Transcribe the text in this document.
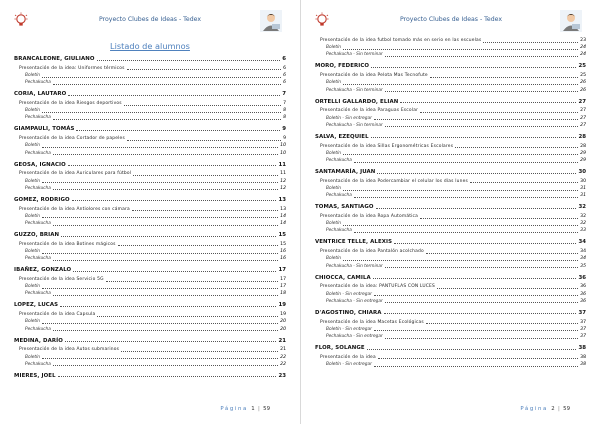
Proyecto Clubes de Ideas - Tedex
Listado de alumnos
BRANCALEONE, GIULIANO	6
Presentación de la idea: Uniformes térmicos	6
Boletín	6
Pechakucha	6
CORIA, LAUTARO	7
Presentación de la idea Riesgos deportivos	7
Boletín	8
Pechakucha	8
GIAMPAULI, TOMÁS	9
Presentación de la idea Cortador de papeles	9
Boletín	10
Pechakucha	10
GEOSA, IGNACIO	11
Presentación de la idea Auriculares para fútbol	11
Boletín	12
Pechakucha	12
GOMEZ, RODRIGO	13
Presentación de la idea Antiolores con cámara	13
Boletín	14
Pechakucha	14
GUZZO, BRIAN	15
Presentación de la idea Botines mágicos	15
Boletín	16
Pechakucha	16
IBAÑEZ, GONZALO	17
Presentación de la idea Servicio 5G	17
Boletín	17
Pechakucha	18
LOPEZ, LUCAS	19
Presentación de la idea Capsula	19
Boletín	20
Pechakucha	20
MEDINA, DARÍO	21
Presentación de la idea Autos submarinos	21
Boletín	22
Pechakucha	22
MIERES, JOEL	23
Página 1 | 59
Proyecto Clubes de Ideas - Tedex
Presentación de la idea futbol tomado más en serio en las escuelas	23
Boletín	24
Pechakucha - Sin terminar	24
MORO, FEDERICO	25
Presentación de la idea Pelota Mas Tecnofute	25
Boletín	26
Pechakucha - Sin terminar	26
ORTELLI GALLARDO, ELIAN	27
Presentación de la idea Paraguas Escolar	27
Boletín - Sin entregar	27
Pechakucha - Sin terminar	27
SALVA, EZEQUIEL	28
Presentación de la idea Sillas Ergonométricas Escolares	28
Boletín	29
Pechakucha	29
SANTAMARÍA, JUAN	30
Presentación de la idea Podercambiar el celular los días lunes	30
Boletín	31
Pechakucha	31
TOMAS, SANTIAGO	32
Presentación de la idea Ropa Automática	32
Boletín	32
Pechakucha	33
VENTRICE TELLE, ALEXIS	34
Presentación de la idea Pantalón acolchado	34
Boletín	34
Pechakucha - Sin terminar	35
CHIOCCA, CAMILA	36
Presentación de la idea: PANTUFLAS CON LUCES	36
Boletín - Sin entregar	36
Pechakucha - Sin entregar	36
D'AGOSTINO, CHIARA	37
Presentación de la idea Macetas Ecológicas	37
Boletín - Sin entregar	37
Pechakucha - Sin entregar	37
FLOR, SOLANGE	38
Presentación de la idea	38
Boletín - Sin entregar	38
Página 2 | 59
